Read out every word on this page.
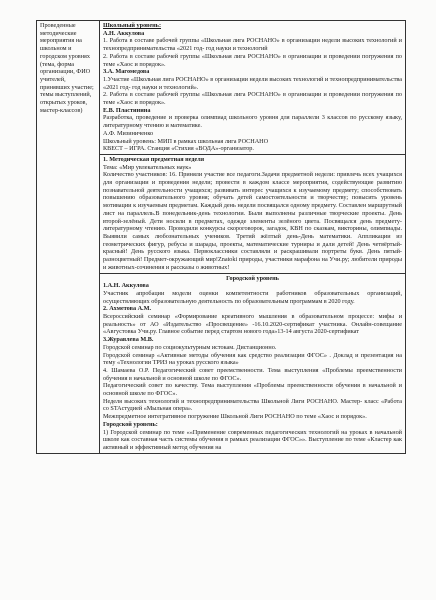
Проведенные методические мероприятия на школьном и городском уровнях (тема, форма организации, ФИО учителей, принявших участие; темы выступлений, открытых уроков, мастер-классов)

Школьный уровень:

А.Н. Аккулова

1. Работа в составе рабочей группы «Школьная лига РОСНАНО» в организации недели высоких технологий и технопредпринимательства «2021 год- год науки и технологий

2. Работа в составе рабочей группы «Школьная лига РОСНАНО» в организации и проведении погружения по теме «Хаос и порядок».

З.А. Магомедова

1.Участие «Школьная лига РОСНАНО» в организации недели высоких технологий и технопредпринимательства «2021 год- год науки и технологий».

2. Работа в составе рабочей группы «Школьная лига РОСНАНО» в организации и проведении погружения по теме «Хаос и порядок».

Е.В. Пластинина

Разработка, проведение и проверка олимпиад школьного уровня для параллели 3 классов по русскому языку, литературному чтению и математике.

А.Ф. Мизиниченко

Школьный уровень: МИП в рамках школьная лига РОСНАНО

КВЕСТ – ИГРА. Станция «Стихия «ВОДА»-организатор.

1. Методическая предметная неделя

Тема: «Мир увлекательных наук»

Количество участников: 16. Приняли участие все педагоги.Задачи предметной недели: привлечь всех учащихся для организации и проведения недели; провести в каждом классе мероприятия, содействующие развитию познавательной деятельности учащихся; развивать интерес учащихся к изучаемому предмету; способствовать повышению образовательного уровня; обучать детей самостоятельности и творчеству; повысить уровень мотивации к изучаемым предметам. Каждый день недели посвящался одному предмету. Составлен маршрутный лист на параллель.В понедельник-день технологии. Были выполнены различные творческие проекты. День второй-зелёный. Дети носили в предметах, одежде элементы зелёного цвета. Посвящался день предмету- литературному чтению. Проводили конкурсы скороговорок, загадок, КВН по сказкам, викторины, олимпиады. Выявили самых любознательных учеников. Третий жёлтый день-День математики. Аппликации из геометрических фигур, ребусы и шарады, проекты, математические турниры и дали детей! День четвёртый-красный! День русского языка. Первоклассники составляли и раскрашивали портреты букв. День пятый-разноцветный! Предмет-окружающий мир!Znatoki природы, участники марафона на Учи.ру; любители природы и животных-сочинения и рассказы о животных!

Городской уровень

1.А.Н. Аккулова

Участник апробации модели оценки компетентности работников образовательных организаций, осуществляющих образовательную деятельность по образовательным программам в 2020 году.

2. Ахметова А.М.

Всероссийский семинар «Формирование креативного мышления в образовательном процессе: мифы и реальность» от АО «Издательство «Просвещение» -16.10.2020-сертификат участника. Онлайн-совещание «Августовка Учи.ру. Главное событие перед стартом нового года»13-14 августа 2020-сертификат

3.Журавлева М.В.

Городской семинар по социокультурным истокам. Дистанционно.

Городской семинар «Активные методы обучения как средство реализации ФГОС» . Доклад и презентация на тему «Технологии ТРИЗ на уроках русского языка»

4. Шамаева О.Р. Педагогический совет преемственности. Тема выступления «Проблемы преемственности обучения в начальной и основной школе по ФГОС».

Педагогический совет по качеству. Тема выступления «Проблемы преемственности обучения в начальной и основной школе по ФГОС».

Неделя высоких технологий и технопредпринимательства Школьной Лиги РОСНАНО. Мастер- класс «Работа со STAстудией «Мыльная опера».

Межпредметное интегративное погружение Школьной Лиги РОСНАНО по теме «Хаос и порядок».

Городской уровень:

1) Городской семинар по теме ««Применение современных педагогических технологий на уроках в начальной школе как составная часть системы обучения в рамках реализации ФГОС»». Выступление по теме «Кластер как активный и эффективный метод обучения на
